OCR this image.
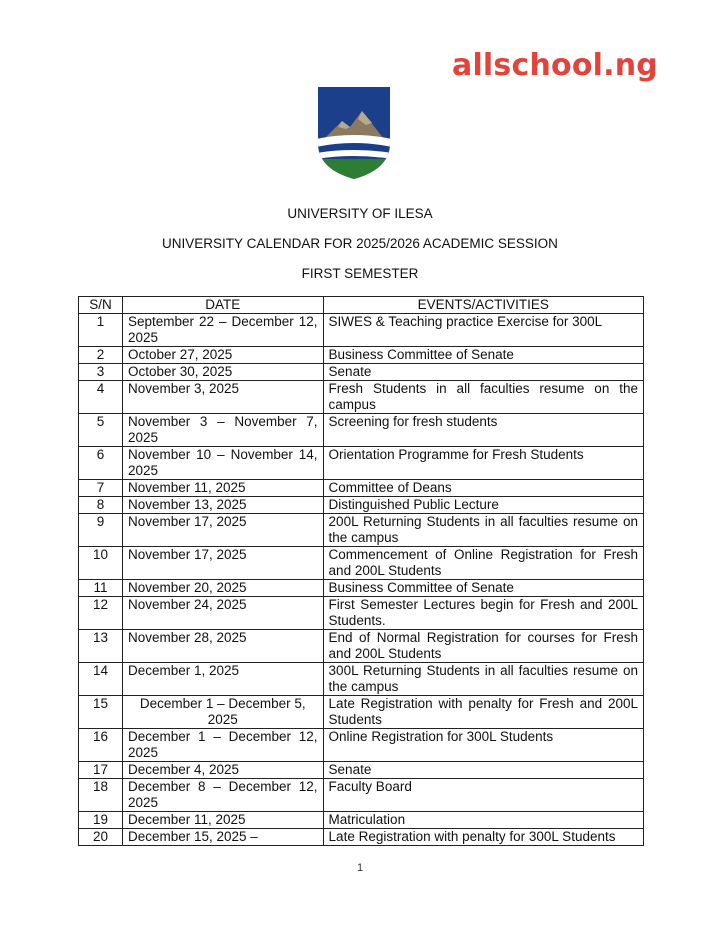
allschool.ng
UNIVERSITY OF ILESA
UNIVERSITY CALENDAR FOR 2025/2026 ACADEMIC SESSION
FIRST SEMESTER
S/N	DATE	EVENTS/ACTIVITIES
1	September 22 – December 12, 2025	SIWES & Teaching practice Exercise for 300L
2	October 27, 2025	Business Committee of Senate
3	October 30, 2025	Senate
4	November 3, 2025	Fresh Students in all faculties resume on the campus
5	November 3 – November 7, 2025	Screening for fresh students
6	November 10 – November 14, 2025	Orientation Programme for Fresh Students
7	November 11, 2025	Committee of Deans
8	November 13, 2025	Distinguished Public Lecture
9	November 17, 2025	200L Returning Students in all faculties resume on the campus
10	November 17, 2025	Commencement of Online Registration for Fresh and 200L Students
11	November 20, 2025	Business Committee of Senate
12	November 24, 2025	First Semester Lectures begin for Fresh and 200L Students.
13	November 28, 2025	End of Normal Registration for courses for Fresh and 200L Students
14	December 1, 2025	300L Returning Students in all faculties resume on the campus
15	December 1 – December 5, 2025	Late Registration with penalty for Fresh and 200L Students
16	December 1 – December 12, 2025	Online Registration for 300L Students
17	December 4, 2025	Senate
18	December 8 – December 12, 2025	Faculty Board
19	December 11, 2025	Matriculation
20	December 15, 2025 –	Late Registration with penalty for 300L Students
1
